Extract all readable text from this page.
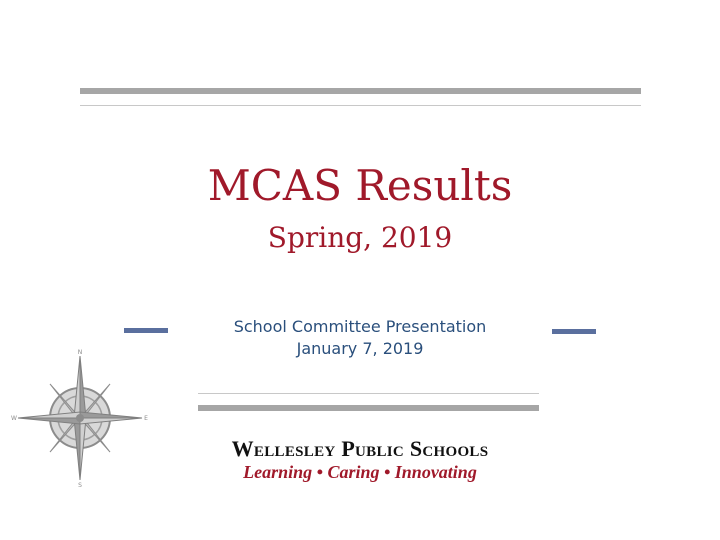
MCAS Results
Spring, 2019
School Committee Presentation
January 7, 2019
N
S
E
W
Wellesley Public Schools
Learning • Caring • Innovating
